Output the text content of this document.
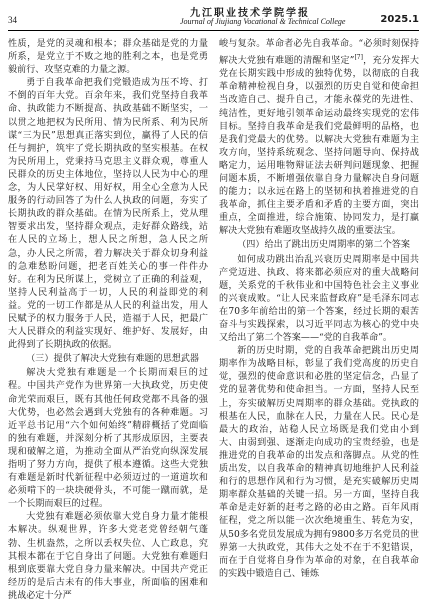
34
九江职业技术学院学报
Journal of Jiujiang Vocational & Technical College	2025.1

性质，是党的灵魂和根本；群众基础是党的力量所系，是党立于不败之地的胜利之本，也是党勇毅前行、攻坚克难的力量之源。

勇于自我革命把我们党锻造成为压不垮、打不倒的百年大党。百余年来，我们党坚持自我革命、执政能力不断提高、执政基础不断坚实，一以贯之地把权为民所用、情为民所系、利为民所谋“三为民”思想真正落实到位，赢得了人民的信任与拥护，筑牢了党长期执政的坚实根基。在权为民所用上，党秉持马克思主义群众观，尊重人民群众的历史主体地位，坚持以人民为中心的理念，为人民掌好权、用好权，用全心全意为人民服务的行动回答了为什么人执政的问题，夯实了长期执政的群众基础。在情为民所系上，党从理智要求出发，坚持群众观点，走好群众路线，站在人民的立场上，想人民之所想，急人民之所急，办人民之所需，着力解决关于群众切身利益的急难愁盼问题，把老百姓关心的事一件件办好。在利为民所谋上，党树立了正确的利益观，坚持人民利益高于一切，人民的利益即党的利益。党的一切工作都是从人民的利益出发，用人民赋予的权力服务于人民，造福于人民，把最广大人民群众的利益实现好、维护好、发展好，由此得到了长期执政的依据。

（三）提供了解决大党独有难题的思想武器

解决大党独有难题是一个长期而艰巨的过程。中国共产党作为世界第一大执政党，历史使命光荣而艰巨，既有其他任何政党都不具备的强大优势，也必然会遇到大党独有的各种难题。习近平总书记用“六个如何始终”精辟概括了党面临的独有难题，并深刻分析了其形成原因，主要表现和破解之道，为推动全面从严治党向纵深发展指明了努力方向，提供了根本遵循。这些大党独有难题是新时代新征程中必须迈过的一道道坎和必须啃下的一块块硬骨头，不可能一蹴而就，是一个长期而艰巨的过程。

大党独有难题必须依靠大党自身力量才能根本解决。纵观世界，许多大党老党曾经朝气蓬勃、生机盎然，之所以丢权失位、人亡政息，究其根本都在于它自身出了问题。大党独有难题归根到底要靠大党自身力量来解决。中国共产党正经历的是后古未有的伟大事业，所面临的困难和挑战必定十分严

峻与复杂。革命者必先自我革命。“必须时刻保持解决大党独有难题的清醒和坚定”[7]，充分发挥大党在长期实践中形成的独特优势，以彻底的自我革命精神检视自身，以强烈的历史自觉和使命担当改造自己、提升自己，才能永葆党的先进性、纯洁性，更好地引领革命运动最终实现党的宏伟目标。坚持自我革命是我们党最鲜明的品格，也是我们党最大的优势。以解决大党独有难题为主攻方向，坚持系统观念、坚持问题导向、保持战略定力，运用唯物辩证法去研判问题现象、把握问题本质，不断增强依靠自身力量解决自身问题的能力；以永远在路上的坚韧和执着推进党的自我革命，抓住主要矛盾和矛盾的主要方面，突出重点，全面推进，综合施策、协同发力，是打赢解决大党独有难题攻坚战持久战的重要法宝。

（四）给出了跳出历史周期率的第二个答案

如何成功跳出治乱兴衰历史周期率是中国共产党迈进、执政、将来都必须应对的重大战略问题，关系党的千秋伟业和中国特色社会主义事业的兴衰成败。“让人民来监督政府”是毛泽东同志在70多年前给出的第一个答案，经过长期的艰苦奋斗与实践探索，以习近平同志为核心的党中央又给出了第二个答案——“党的自我革命”。

新的历史时期，党的自我革命把跳出历史周期率作为战略目标，彰显了我们党高度的历史自觉，强烈的使命意识和必胜的坚定信念，凸显了党的显著优势和使命担当。一方面，坚持人民至上，夯实破解历史周期率的群众基础。党执政的根基在人民，血脉在人民，力量在人民。民心是最大的政治，站稳人民立场既是我们党由小到大、由弱到强、逐渐走向成功的宝贵经验，也是推进党的自我革命的出发点和落脚点。从党的性质出发，以自我革命的精神真切地维护人民利益和行的思想作风和行为习惯，是充实破解历史周期率群众基础的关键一招。另一方面，坚持自我革命是走好新的赶考之路的必由之路。百年风雨征程，党之所以能一次次绝境重生、转危为安，从50多名党员发展成为拥有9800多万名党员的世界第一大执政党，其伟大之处不在于不犯错误，而在于自觉将自身作为革命的对象，在自我革命的实践中锻造自己、锤炼
